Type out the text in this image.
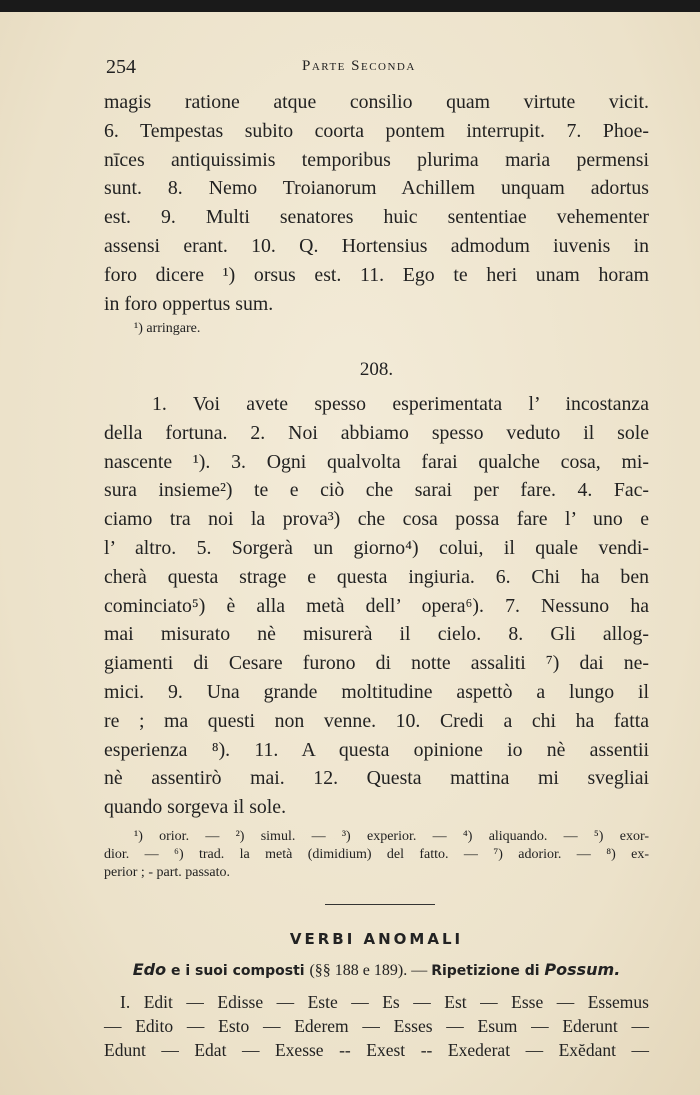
254	Parte Seconda

magis ratione atque consilio quam virtute vicit.

6. Tempestas subito coorta pontem interrupit. 7. Phoe-

nīces antiquissimis temporibus plurima maria permensi

sunt. 8. Nemo Troianorum Achillem unquam adortus

est. 9. Multi senatores huic sententiae vehementer

assensi erant. 10. Q. Hortensius admodum iuvenis in

foro dicere ¹) orsus est. 11. Ego te heri unam horam

in foro oppertus sum.

¹) arringare.

208.

1. Voi avete spesso esperimentata l’ incostanza

della fortuna. 2. Noi abbiamo spesso veduto il sole

nascente ¹). 3. Ogni qualvolta farai qualche cosa, mi-

sura insieme²) te e ciò che sarai per fare. 4. Fac-

ciamo tra noi la prova³) che cosa possa fare l’ uno e

l’ altro. 5. Sorgerà un giorno⁴) colui, il quale vendi-

cherà questa strage e questa ingiuria. 6. Chi ha ben

cominciato⁵) è alla metà dell’ opera⁶). 7. Nessuno ha

mai misurato nè misurerà il cielo. 8. Gli allog-

giamenti di Cesare furono di notte assaliti ⁷) dai ne-

mici. 9. Una grande moltitudine aspettò a lungo il

re ; ma questi non venne. 10. Credi a chi ha fatta

esperienza ⁸). 11. A questa opinione io nè assentii

nè assentirò mai. 12. Questa mattina mi svegliai

quando sorgeva il sole.

¹) orior. — ²) simul. — ³) experior. — ⁴) aliquando. — ⁵) exor-

dior. — ⁶) trad. la metà (dimidium) del fatto. — ⁷) adorior. — ⁸) ex-

perior ; - part. passato.

VERBI ANOMALI
Edo e i suoi composti (§§ 188 e 189). — Ripetizione di Possum.

I. Edit — Edisse — Este — Es — Est — Esse — Essemus

— Edito — Esto — Ederem — Esses — Esum — Ederunt —

Edunt — Edat — Exesse -- Exest -- Exederat — Exĕdant —
